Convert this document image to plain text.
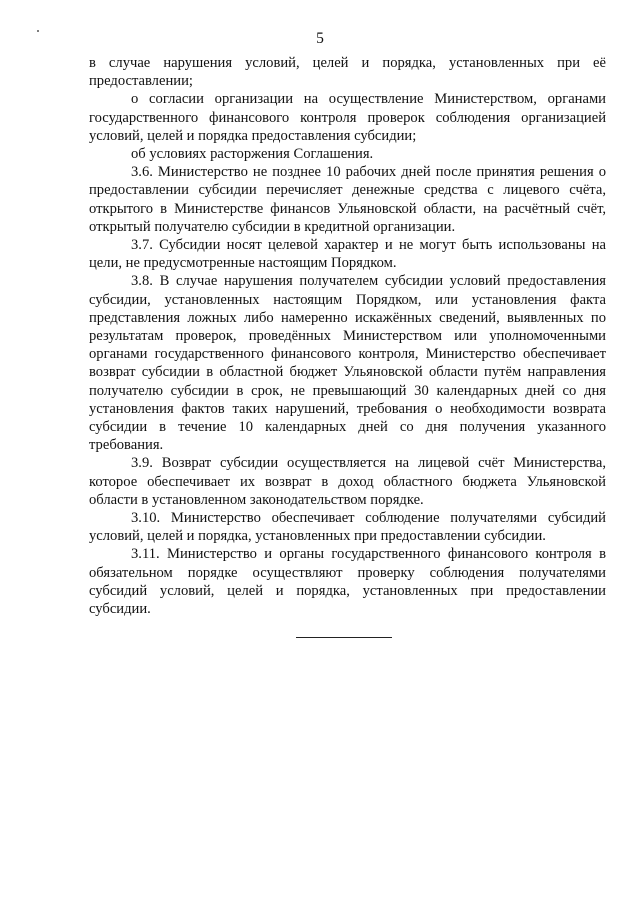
5

в случае нарушения условий, целей и порядка, установленных при её предоставлении;

о согласии организации на осуществление Министерством, органами государственного финансового контроля проверок соблюдения организацией условий, целей и порядка предоставления субсидии;

об условиях расторжения Соглашения.

3.6. Министерство не позднее 10 рабочих дней после принятия решения о предоставлении субсидии перечисляет денежные средства с лицевого счёта, открытого в Министерстве финансов Ульяновской области, на расчётный счёт, открытый получателю субсидии в кредитной организации.

3.7. Субсидии носят целевой характер и не могут быть использованы на цели, не предусмотренные настоящим Порядком.

3.8. В случае нарушения получателем субсидии условий предоставления субсидии, установленных настоящим Порядком, или установления факта представления ложных либо намеренно искажённых сведений, выявленных по результатам проверок, проведённых Министерством или уполномоченными органами государственного финансового контроля, Министерство обеспечивает возврат субсидии в областной бюджет Ульяновской области путём направления получателю субсидии в срок, не превышающий 30 календарных дней со дня установления фактов таких нарушений, требования о необходимости возврата субсидии в течение 10 календарных дней со дня получения указанного требования.

3.9. Возврат субсидии осуществляется на лицевой счёт Министерства, которое обеспечивает их возврат в доход областного бюджета Ульяновской области в установленном законодательством порядке.

3.10. Министерство обеспечивает соблюдение получателями субсидий условий, целей и порядка, установленных при предоставлении субсидии.

3.11. Министерство и органы государственного финансового контроля в обязательном порядке осуществляют проверку соблюдения получателями субсидий условий, целей и порядка, установленных при предоставлении субсидии.
